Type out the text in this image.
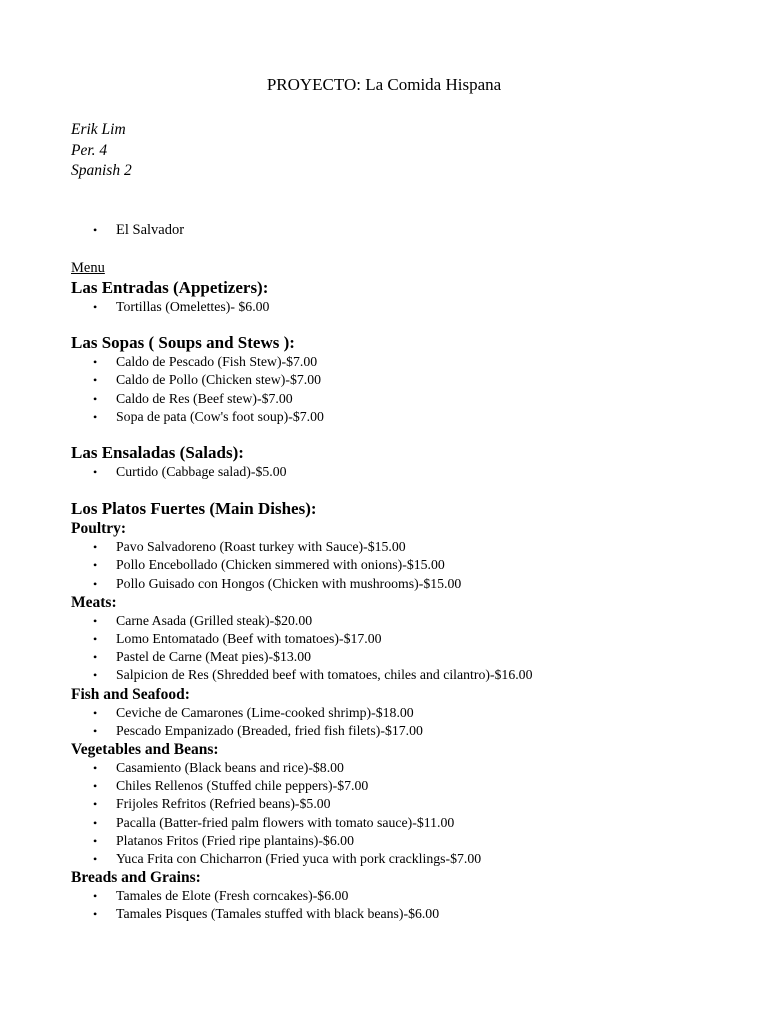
PROYECTO: La Comida Hispana
Erik Lim
Per. 4
Spanish 2
•	El Salvador
Menu
Las Entradas (Appetizers):
•	Tortillas (Omelettes)- $6.00
Las Sopas ( Soups and Stews ):
•	Caldo de Pescado (Fish Stew)-$7.00
•	Caldo de Pollo (Chicken stew)-$7.00
•	Caldo de Res (Beef stew)-$7.00
•	Sopa de pata (Cow's foot soup)-$7.00
Las Ensaladas (Salads):
•	Curtido (Cabbage salad)-$5.00
Los Platos Fuertes (Main Dishes):
Poultry:
•	Pavo Salvadoreno (Roast turkey with Sauce)-$15.00
•	Pollo Encebollado (Chicken simmered with onions)-$15.00
•	Pollo Guisado con Hongos (Chicken with mushrooms)-$15.00
Meats:
•	Carne Asada (Grilled steak)-$20.00
•	Lomo Entomatado (Beef with tomatoes)-$17.00
•	Pastel de Carne (Meat pies)-$13.00
•	Salpicion de Res (Shredded beef with tomatoes, chiles and cilantro)-$16.00
Fish and Seafood:
•	Ceviche de Camarones (Lime-cooked shrimp)-$18.00
•	Pescado Empanizado (Breaded, fried fish filets)-$17.00
Vegetables and Beans:
•	Casamiento (Black beans and rice)-$8.00
•	Chiles Rellenos (Stuffed chile peppers)-$7.00
•	Frijoles Refritos (Refried beans)-$5.00
•	Pacalla (Batter-fried palm flowers with tomato sauce)-$11.00
•	Platanos Fritos (Fried ripe plantains)-$6.00
•	Yuca Frita con Chicharron (Fried yuca with pork cracklings-$7.00
Breads and Grains:
•	Tamales de Elote (Fresh corncakes)-$6.00
•	Tamales Pisques (Tamales stuffed with black beans)-$6.00
